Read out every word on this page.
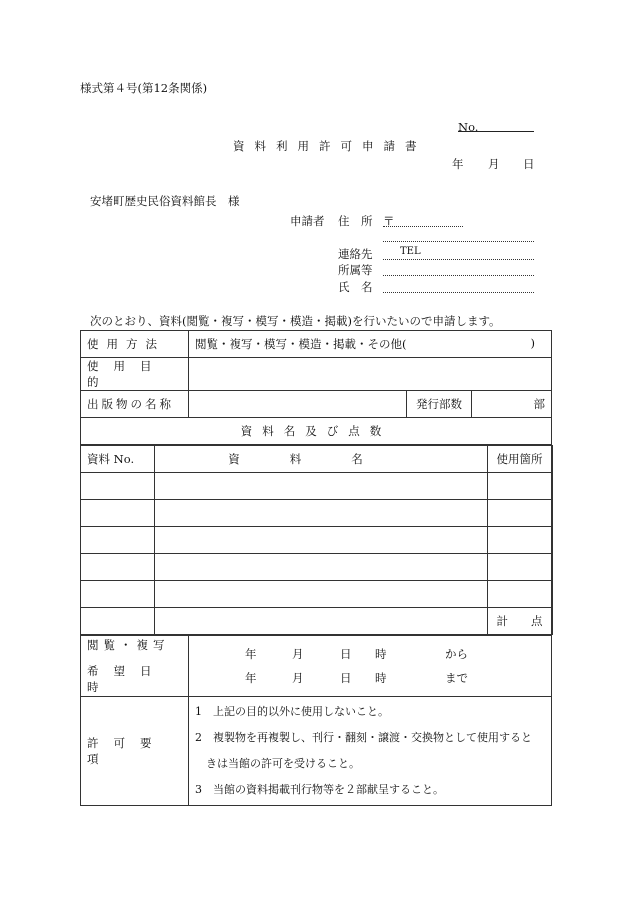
様式第４号(第12条関係)
No.
資料利用許可申請書
年 月 日
安堵町歴史民俗資料館長　様
申請者 住　所 〒
連絡先	TEL
所属等
氏　名
次のとおり、資料(閲覧・複写・模写・模造・掲載)を行いたいので申請します。
使用方法	閲覧・複写・模写・模造・掲載・その他(	)

使用目的

出版物の名称		発行部数	部
資料名及び点数

資料 No.	資料名	使用箇所

		計　　点

閲覧・複写
希望日時

年	月	日 時	から
年	月	日 時	まで

許可要項

1　上記の目的以外に使用しないこと。
2　複製物を再複製し、刊行・翻刻・譲渡・交換物として使用すると
　きは当館の許可を受けること。
3　当館の資料掲載刊行物等を２部献呈すること。
